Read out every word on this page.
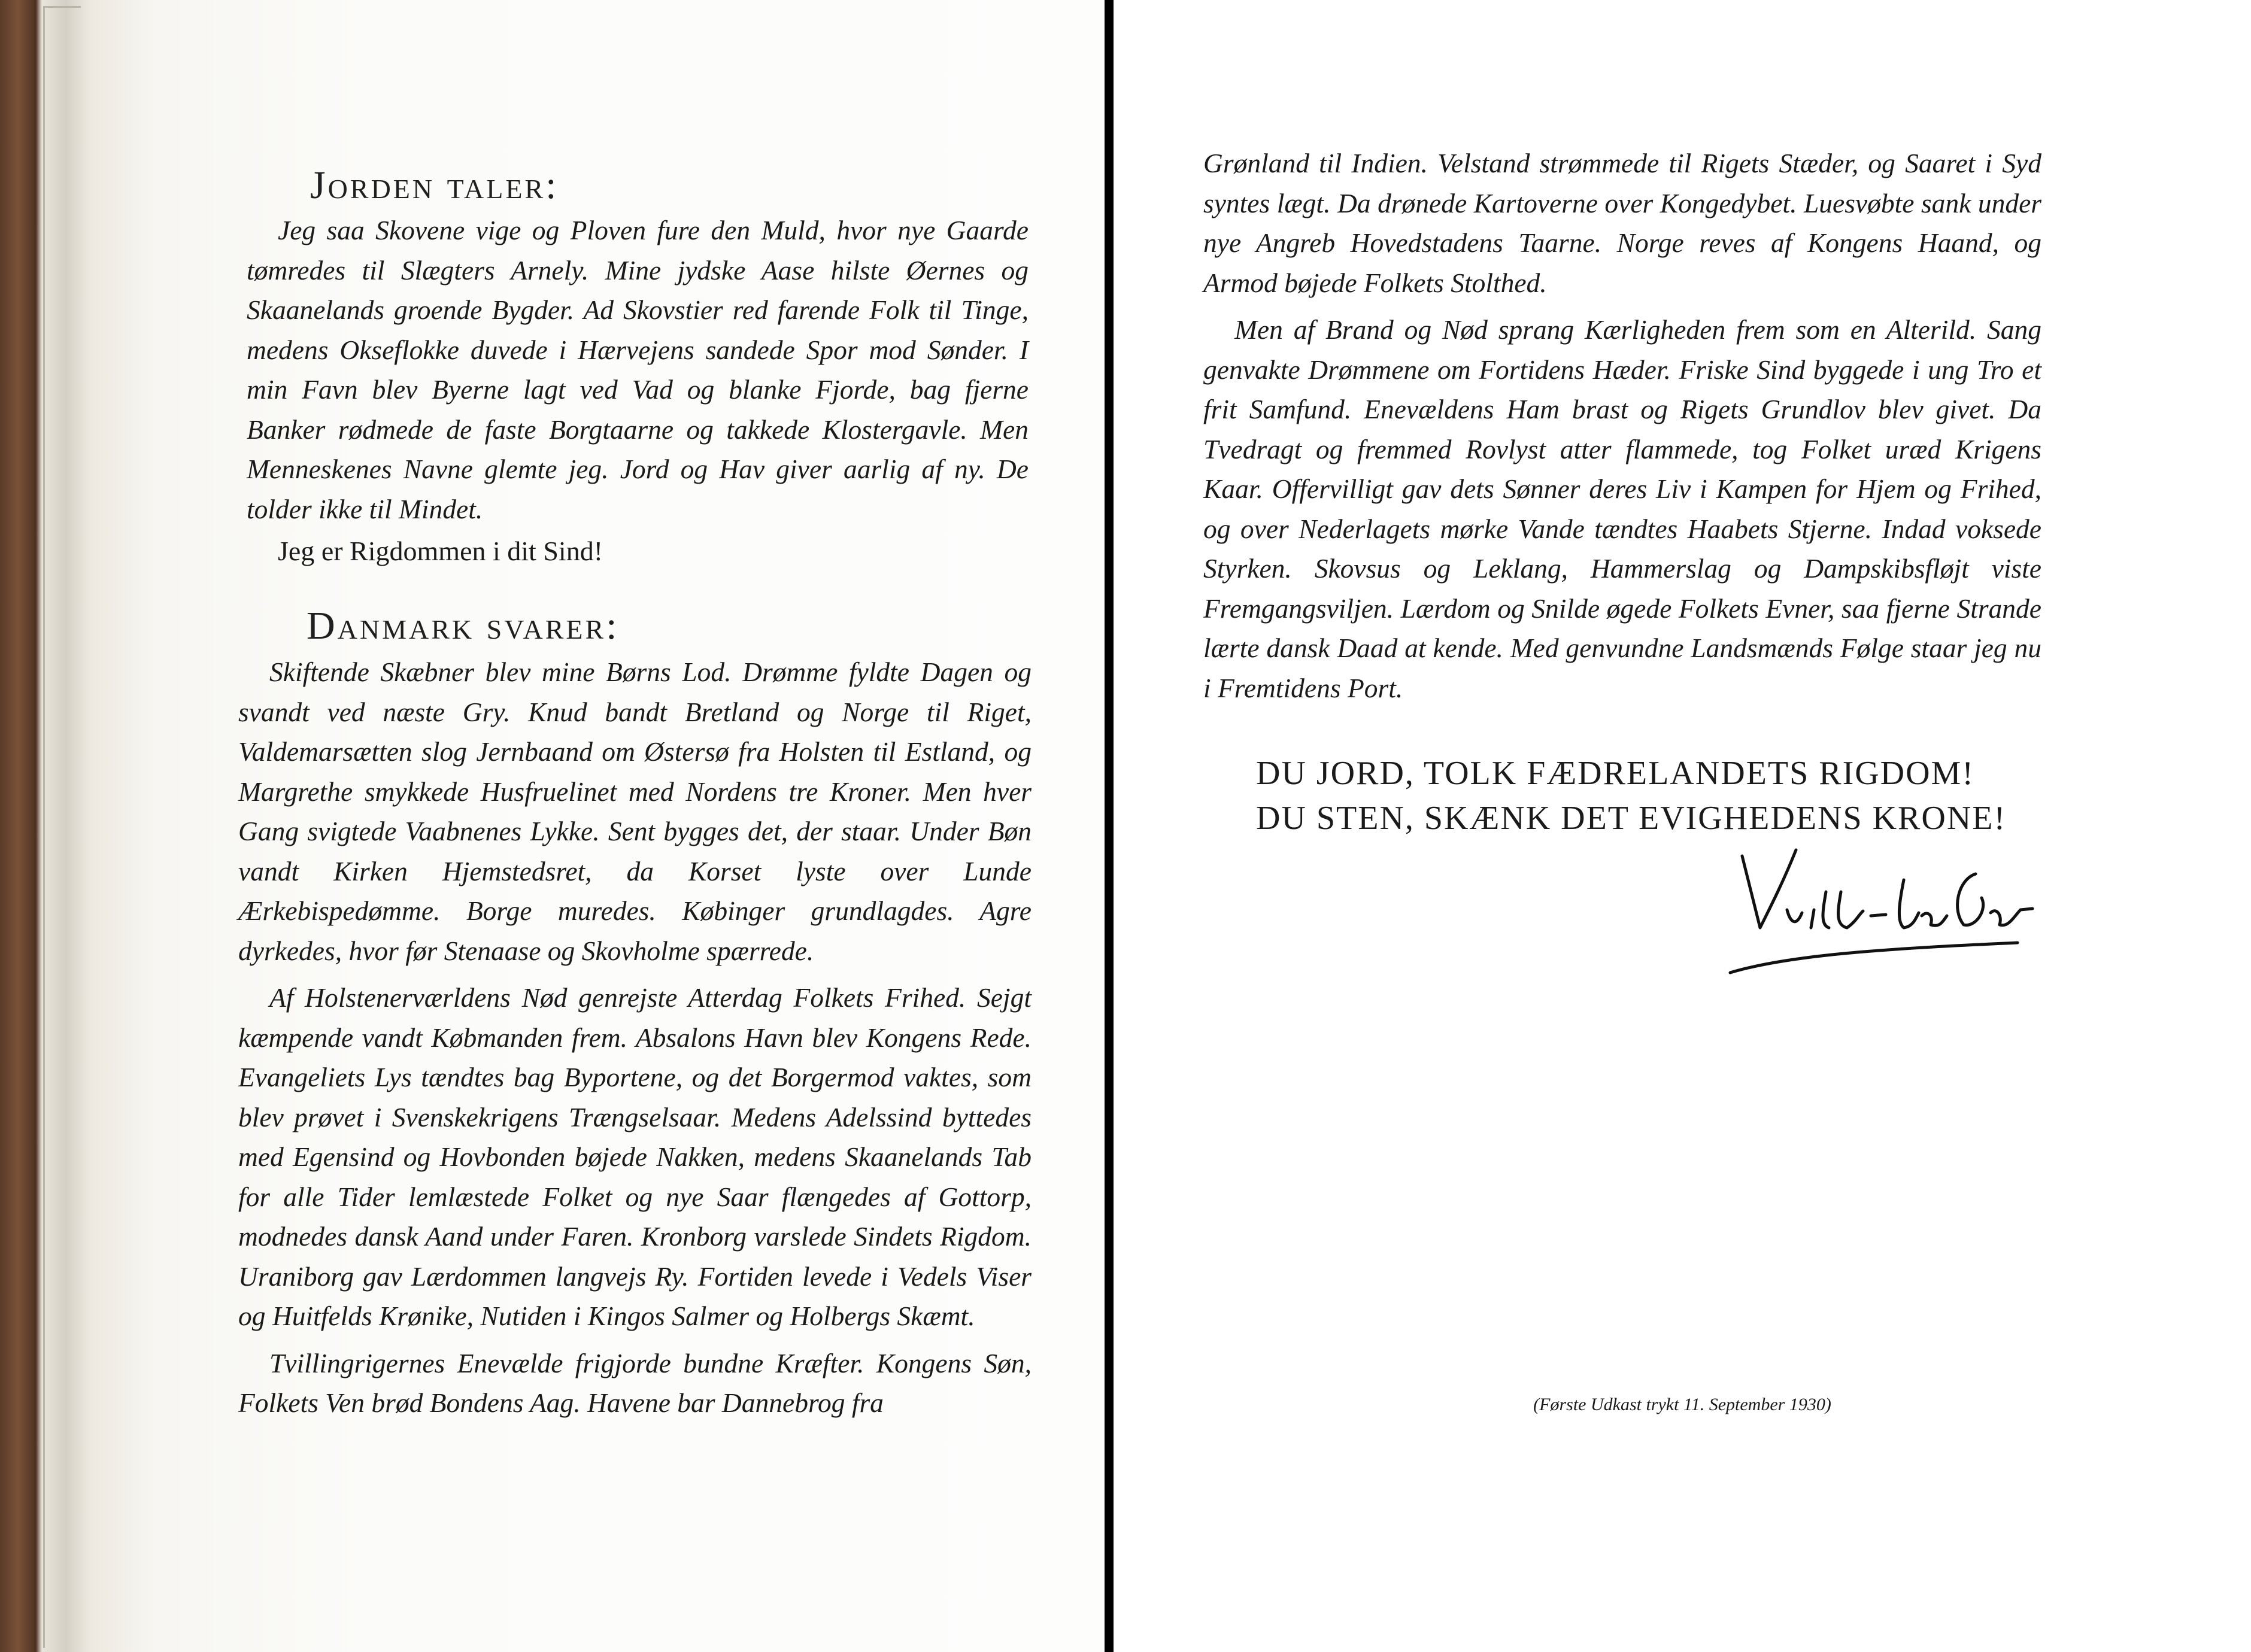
Jorden taler:

Jeg saa Skovene vige og Ploven fure den Muld, hvor nye Gaarde tømredes til Slægters Arnely. Mine jydske Aase hilste Øernes og Skaanelands groende Bygder. Ad Skovstier red farende Folk til Tinge, medens Okseflokke duvede i Hærvejens sandede Spor mod Sønder. I min Favn blev Byerne lagt ved Vad og blanke Fjorde, bag fjerne Banker rødmede de faste Borgtaarne og takkede Klostergavle. Men Menneskenes Navne glemte jeg. Jord og Hav giver aarlig af ny. De tolder ikke til Mindet.

Jeg er Rigdommen i dit Sind!

Danmark svarer:

Skiftende Skæbner blev mine Børns Lod. Drømme fyldte Dagen og svandt ved næste Gry. Knud bandt Bretland og Norge til Riget, Valdemarsætten slog Jernbaand om Østersø fra Holsten til Estland, og Margrethe smykkede Husfruelinet med Nordens tre Kroner. Men hver Gang svigtede Vaabnenes Lykke. Sent bygges det, der staar. Under Bøn vandt Kirken Hjemstedsret, da Korset lyste over Lunde Ærkebispedømme. Borge muredes. Købinger grundlagdes. Agre dyrkedes, hvor før Stenaase og Skovholme spærrede.

Af Holstenerværldens Nød genrejste Atterdag Folkets Frihed. Sejgt kæmpende vandt Købmanden frem. Absalons Havn blev Kongens Rede. Evangeliets Lys tændtes bag Byportene, og det Borgermod vaktes, som blev prøvet i Svenskekrigens Trængselsaar. Medens Adelssind byttedes med Egensind og Hovbonden bøjede Nakken, medens Skaanelands Tab for alle Tider lemlæstede Folket og nye Saar flængedes af Gottorp, modnedes dansk Aand under Faren. Kronborg varslede Sindets Rigdom. Uraniborg gav Lærdommen langvejs Ry. Fortiden levede i Vedels Viser og Huitfelds Krønike, Nutiden i Kingos Salmer og Holbergs Skæmt.

Tvillingrigernes Enevælde frigjorde bundne Kræfter. Kongens Søn, Folkets Ven brød Bondens Aag. Havene bar Dannebrog fra

Grønland til Indien. Velstand strømmede til Rigets Stæder, og Saaret i Syd syntes lægt. Da drønede Kartoverne over Kongedybet. Luesvøbte sank under nye Angreb Hovedstadens Taarne. Norge reves af Kongens Haand, og Armod bøjede Folkets Stolthed.

Men af Brand og Nød sprang Kærligheden frem som en Alterild. Sang genvakte Drømmene om Fortidens Hæder. Friske Sind byggede i ung Tro et frit Samfund. Enevældens Ham brast og Rigets Grundlov blev givet. Da Tvedragt og fremmed Rovlyst atter flammede, tog Folket uræd Krigens Kaar. Offervilligt gav dets Sønner deres Liv i Kampen for Hjem og Frihed, og over Nederlagets mørke Vande tændtes Haabets Stjerne. Indad voksede Styrken. Skovsus og Leklang, Hammerslag og Dampskibsfløjt viste Fremgangsviljen. Lærdom og Snilde øgede Folkets Evner, saa fjerne Strande lærte dansk Daad at kende. Med genvundne Landsmænds Følge staar jeg nu i Fremtidens Port.

DU JORD, TOLK FÆDRELANDETS RIGDOM!

DU STEN, SKÆNK DET EVIGHEDENS KRONE!

(Første Udkast trykt 11. September 1930)
